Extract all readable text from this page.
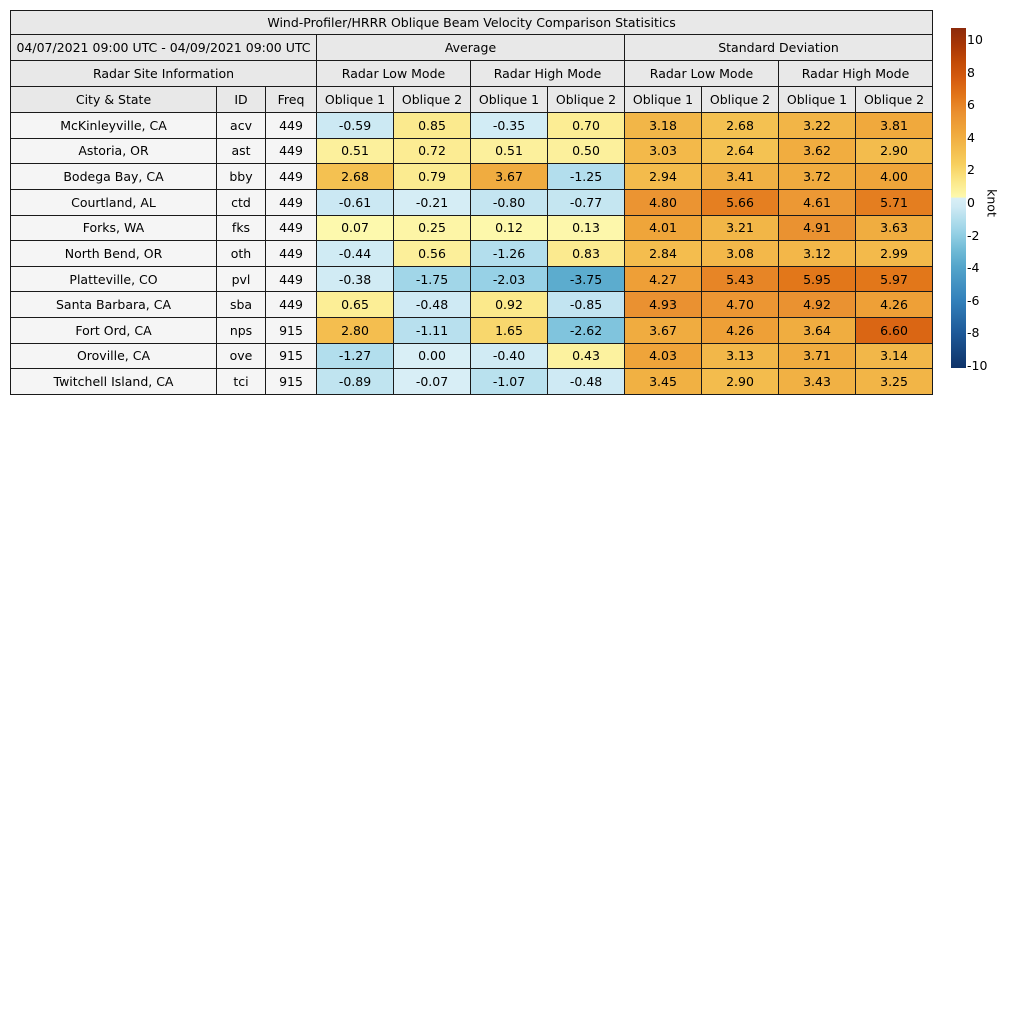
Wind-Profiler/HRRR Oblique Beam Velocity Comparison Statisitics										
04/07/2021 09:00 UTC - 04/09/2021 09:00 UTC			Average				Standard Deviation			
Radar Site Information			Radar Low Mode		Radar High Mode		Radar Low Mode		Radar High Mode	
City & State	ID	Freq	Oblique 1	Oblique 2	Oblique 1	Oblique 2	Oblique 1	Oblique 2	Oblique 1	Oblique 2
McKinleyville, CA	acv	449	-0.59	0.85	-0.35	0.70	3.18	2.68	3.22	3.81
Astoria, OR	ast	449	0.51	0.72	0.51	0.50	3.03	2.64	3.62	2.90
Bodega Bay, CA	bby	449	2.68	0.79	3.67	-1.25	2.94	3.41	3.72	4.00
Courtland, AL	ctd	449	-0.61	-0.21	-0.80	-0.77	4.80	5.66	4.61	5.71
Forks, WA	fks	449	0.07	0.25	0.12	0.13	4.01	3.21	4.91	3.63
North Bend, OR	oth	449	-0.44	0.56	-1.26	0.83	2.84	3.08	3.12	2.99
Platteville, CO	pvl	449	-0.38	-1.75	-2.03	-3.75	4.27	5.43	5.95	5.97
Santa Barbara, CA	sba	449	0.65	-0.48	0.92	-0.85	4.93	4.70	4.92	4.26
Fort Ord, CA	nps	915	2.80	-1.11	1.65	-2.62	3.67	4.26	3.64	6.60
Oroville, CA	ove	915	-1.27	0.00	-0.40	0.43	4.03	3.13	3.71	3.14
Twitchell Island, CA	tci	915	-0.89	-0.07	-1.07	-0.48	3.45	2.90	3.43	3.25
10
8
6
4
2
0
-2
-4
-6
-8
-10
knot
